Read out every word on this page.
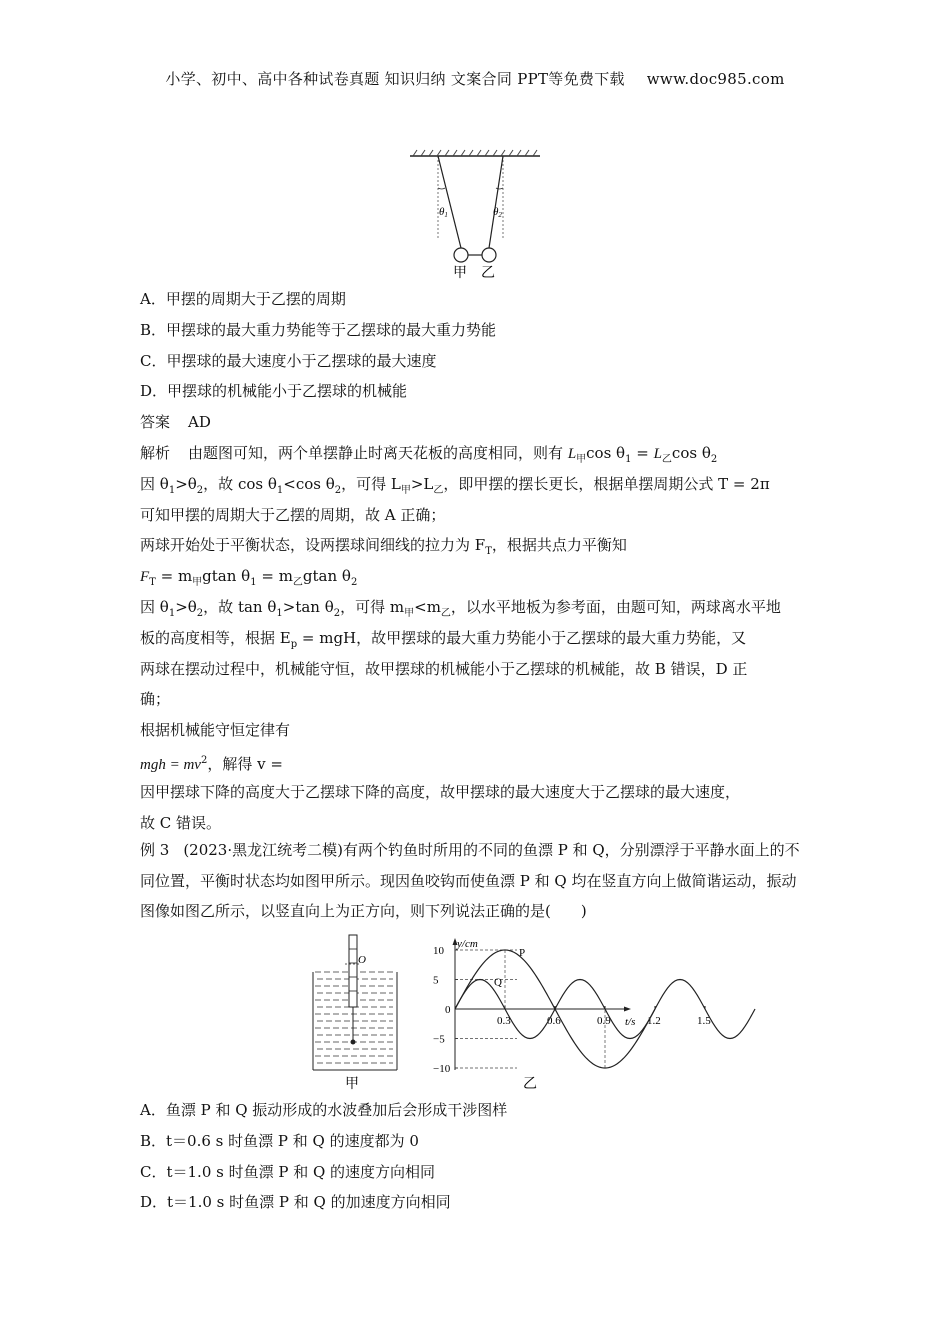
小学、初中、高中各种试卷真题 知识归纳 文案合同 PPT等免费下载 www.doc985.com
θ1	θ2
甲 乙
A．甲摆的周期大于乙摆的周期
B．甲摆球的最大重力势能等于乙摆球的最大重力势能
C．甲摆球的最大速度小于乙摆球的最大速度
D．甲摆球的机械能小于乙摆球的机械能
答案 AD
解析 由题图可知，两个单摆静止时离天花板的高度相同，则有 $L_甲\cos$ $\theta_1 = L_乙\cos$ $\theta_2$
因 $\theta_1>\theta_2$，故 $\cos \theta_1<\cos$ $\theta_2$，可得 $L_甲>L_乙$，即甲摆的摆长更长，根据单摆周期公式 T = 2π
可知甲摆的周期大于乙摆的周期，故 A 正确；
两球开始处于平衡状态，设两摆球间细线的拉力为 $F_T$，根据共点力平衡知
$F_T = m_甲gtan$ $\theta_1 = m_乙gtan$ $\theta_2$
因 $\theta_1>\theta_2$，故 $\tan \theta_1>\tan$ $\theta_2$，可得 $m_甲<m_乙$，以水平地板为参考面，由题可知，两球离水平地
板的高度相等，根据 $E_p$ = mgH，故甲摆球的最大重力势能小于乙摆球的最大重力势能，又
两球在摆动过程中，机械能守恒，故甲摆球的机械能小于乙摆球的机械能，故 B 错误，D 正
确；
根据机械能守恒定律有
mgh = $mv^2$，解得 v =
因甲摆球下降的高度大于乙摆球下降的高度，故甲摆球的最大速度大于乙摆球的最大速度，
故 C 错误。
例 3 (2023·黑龙江统考二模)有两个钓鱼时所用的不同的鱼漂 P 和 Q，分别漂浮于平静水面上的不同位置，平衡时状态均如图甲所示。现因鱼咬钩而使鱼漂 P 和 Q 均在竖直方向上做简谐运动，振动图像如图乙所示，以竖直向上为正方向，则下列说法正确的是(　　)
O
甲
y/cm
t/s
0
乙
0.3	0.6	0.9	1.2	1.5
10
5
−5
−10
P
Q
A．鱼漂 P 和 Q 振动形成的水波叠加后会形成干涉图样
B．t＝0.6 s 时鱼漂 P 和 Q 的速度都为 0
C．t＝1.0 s 时鱼漂 P 和 Q 的速度方向相同
D．t＝1.0 s 时鱼漂 P 和 Q 的加速度方向相同
